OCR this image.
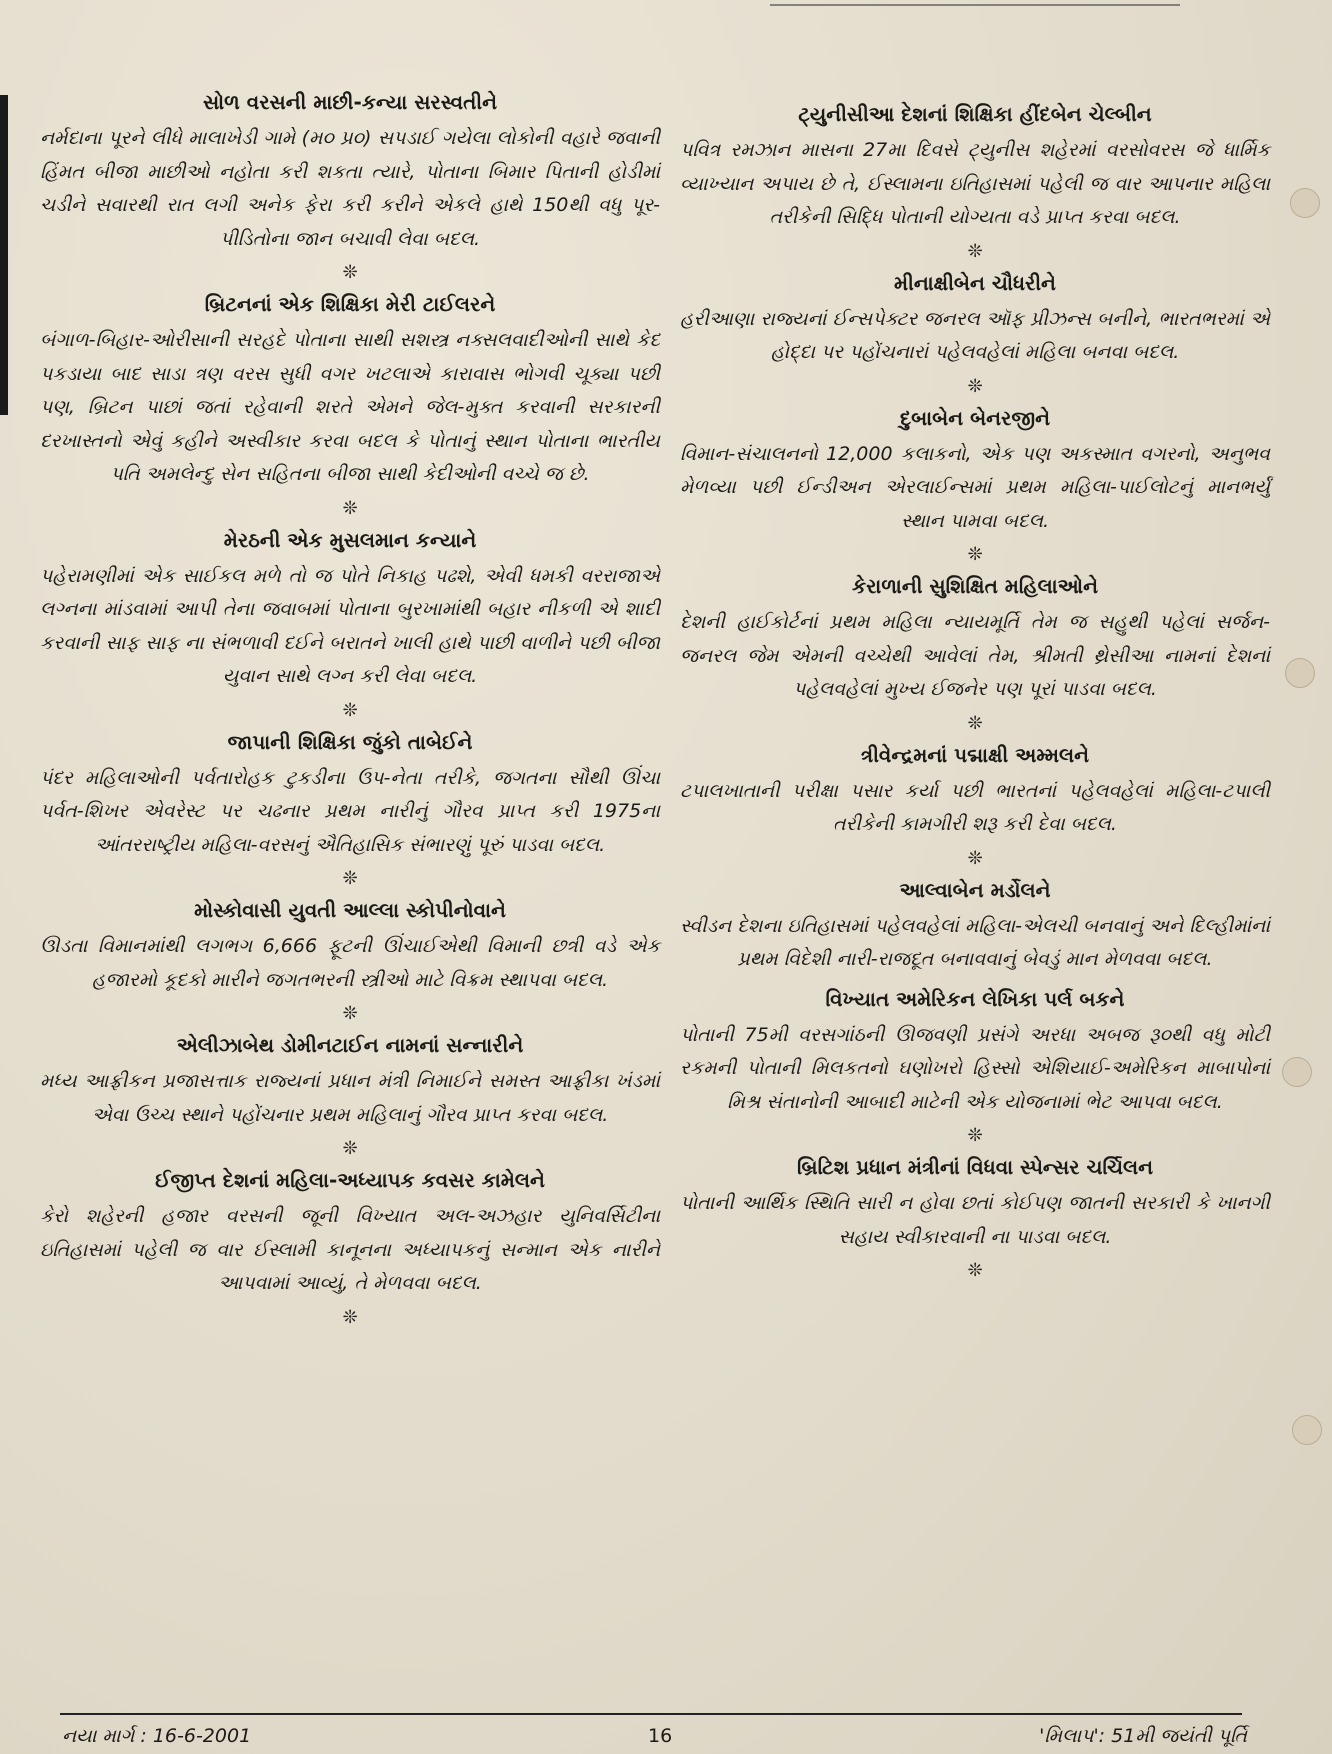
સોળ વરસની માછી-કન્યા સરસ્વતીને

નર્મદાના પૂરને લીધે માલાખેડી ગામે (મ૦ પ્ર૦) સપડાઈ ગયેલા લોકોની વહારે જવાની હિંમત બીજા માછીઓ નહોતા કરી શકતા ત્યારે, પોતાના બિમાર પિતાની હોડીમાં ચડીને સવારથી રાત લગી અનેક ફેરા કરી કરીને એકલે હાથે 150થી વધુ પૂર-પીડિતોના જાન બચાવી લેવા બદલ.

❊
બ્રિટનનાં એક શિક્ષિકા મેરી ટાઈલરને

બંગાળ-બિહાર-ઓરીસાની સરહદે પોતાના સાથી સશસ્ત્ર નક્સલવાદીઓની સાથે કેદ પકડાયા બાદ સાડા ત્રણ વરસ સુધી વગર ખટલાએ કારાવાસ ભોગવી ચૂક્યા પછી પણ, બ્રિટન પાછાં જતાં રહેવાની શરતે એમને જેલ-મુક્ત કરવાની સરકારની દરખાસ્તનો એવું કહીને અસ્વીકાર કરવા બદલ કે પોતાનું સ્થાન પોતાના ભારતીય પતિ અમલેન્દુ સેન સહિતના બીજા સાથી કેદીઓની વચ્ચે જ છે.

❊
મેરઠની એક મુસલમાન કન્યાને

પહેરામણીમાં એક સાઈકલ મળે તો જ પોતે નિકાહ પઢશે, એવી ધમકી વરરાજાએ લગ્નના માંડવામાં આપી તેના જવાબમાં પોતાના બુરખામાંથી બહાર નીકળી એ શાદી કરવાની સાફ સાફ ના સંભળાવી દઈને બરાતને ખાલી હાથે પાછી વાળીને પછી બીજા યુવાન સાથે લગ્ન કરી લેવા બદલ.

❊
જાપાની શિક્ષિકા જુંકો તાબેઈને

પંદર મહિલાઓની પર્વતારોહક ટુકડીના ઉપ-નેતા તરીકે, જગતના સૌથી ઊંચા પર્વત-શિખર એવરેસ્ટ પર ચઢનાર પ્રથમ નારીનું ગૌરવ પ્રાપ્ત કરી 1975ના આંતરરાષ્ટ્રીય મહિલા-વરસનું ઐતિહાસિક સંભારણું પૂરું પાડવા બદલ.

❊
મોસ્કોવાસી યુવતી આલ્લા સ્કોપીનોવાને

ઊડતા વિમાનમાંથી લગભગ 6,666 ફૂટની ઊંચાઈએથી વિમાની છત્રી વડે એક હજારમો કૂદકો મારીને જગતભરની સ્ત્રીઓ માટે વિક્રમ સ્થાપવા બદલ.

❊
એલીઝાબેથ ડોમીનટાઈન નામનાં સન્નારીને

મધ્ય આફ્રીકન પ્રજાસત્તાક રાજ્યનાં પ્રધાન મંત્રી નિમાઈને સમસ્ત આફ્રીકા ખંડમાં એવા ઉચ્ચ સ્થાને પહોંચનાર પ્રથમ મહિલાનું ગૌરવ પ્રાપ્ત કરવા બદલ.

❊
ઈજીપ્ત દેશનાં મહિલા-અધ્યાપક કવસર કામેલને

કેરો શહેરની હજાર વરસની જૂની વિખ્યાત અલ-અઝહાર યુનિવર્સિટીના ઇતિહાસમાં પહેલી જ વાર ઈસ્લામી કાનૂનના અધ્યાપકનું સન્માન એક નારીને આપવામાં આવ્યું, તે મેળવવા બદલ.

❊
ટ્યુનીસીઆ દેશનાં શિક્ષિકા હીંદબેન ચેલ્બીન

પવિત્ર રમઝાન માસના 27મા દિવસે ટ્યુનીસ શહેરમાં વરસોવરસ જે ધાર્મિક વ્યાખ્યાન અપાય છે તે, ઈસ્લામના ઇતિહાસમાં પહેલી જ વાર આપનાર મહિલા તરીકેની સિદ્ધિ પોતાની યોગ્યતા વડે પ્રાપ્ત કરવા બદલ.

❊
મીનાક્ષીબેન ચૌધરીને

હરીઆણા રાજ્યનાં ઈન્સપેક્ટર જનરલ ઑફ પ્રીઝન્સ બનીને, ભારતભરમાં એ હોદ્દા પર પહોંચનારાં પહેલવહેલાં મહિલા બનવા બદલ.

❊
દુબાબેન બેનરજીને

વિમાન-સંચાલનનો 12,000 કલાકનો, એક પણ અકસ્માત વગરનો, અનુભવ મેળવ્યા પછી ઈન્ડીઅન એરલાઈન્સમાં પ્રથમ મહિલા-પાઈલોટનું માનભર્યું સ્થાન પામવા બદલ.

❊
કેરાળાની સુશિક્ષિત મહિલાઓને

દેશની હાઈકોર્ટનાં પ્રથમ મહિલા ન્યાયમૂર્તિ તેમ જ સહુથી પહેલાં સર્જન-જનરલ જેમ એમની વચ્ચેથી આવેલાં તેમ, શ્રીમતી થ્રેસીઆ નામનાં દેશનાં પહેલવહેલાં મુખ્ય ઈજનેર પણ પૂરાં પાડવા બદલ.

❊
ત્રીવેન્દ્રમનાં પદ્માક્ષી અમ્મલને

ટપાલખાતાની પરીક્ષા પસાર કર્યા પછી ભારતનાં પહેલવહેલાં મહિલા-ટપાલી તરીકેની કામગીરી શરૂ કરી દેવા બદલ.

❊
આલ્વાબેન મર્ડોલને

સ્વીડન દેશના ઇતિહાસમાં પહેલવહેલાં મહિલા-એલચી બનવાનું અને દિલ્હીમાંનાં પ્રથમ વિદેશી નારી-રાજદૂત બનાવવાનું બેવડું માન મેળવવા બદલ.

વિખ્યાત અમેરિકન લેખિકા પર્લ બકને

પોતાની 75મી વરસગાંઠની ઊજવણી પ્રસંગે અરધા અબજ રૂ૦થી વધુ મોટી રકમની પોતાની મિલકતનો ઘણોખરો હિસ્સો એશિયાઈ-અમેરિકન માબાપોનાં મિશ્ર સંતાનોની આબાદી માટેની એક યોજનામાં ભેટ આપવા બદલ.

❊
બ્રિટિશ પ્રધાન મંત્રીનાં વિધવા સ્પેન્સર ચર્ચિલન

પોતાની આર્થિક સ્થિતિ સારી ન હોવા છતાં કોઈપણ જાતની સરકારી કે ખાનગી સહાય સ્વીકારવાની ના પાડવા બદલ.

❊
નયા માર્ગ : 16-6-2001	16	'મિલાપ': 51મી જયંતી પૂર્તિ
